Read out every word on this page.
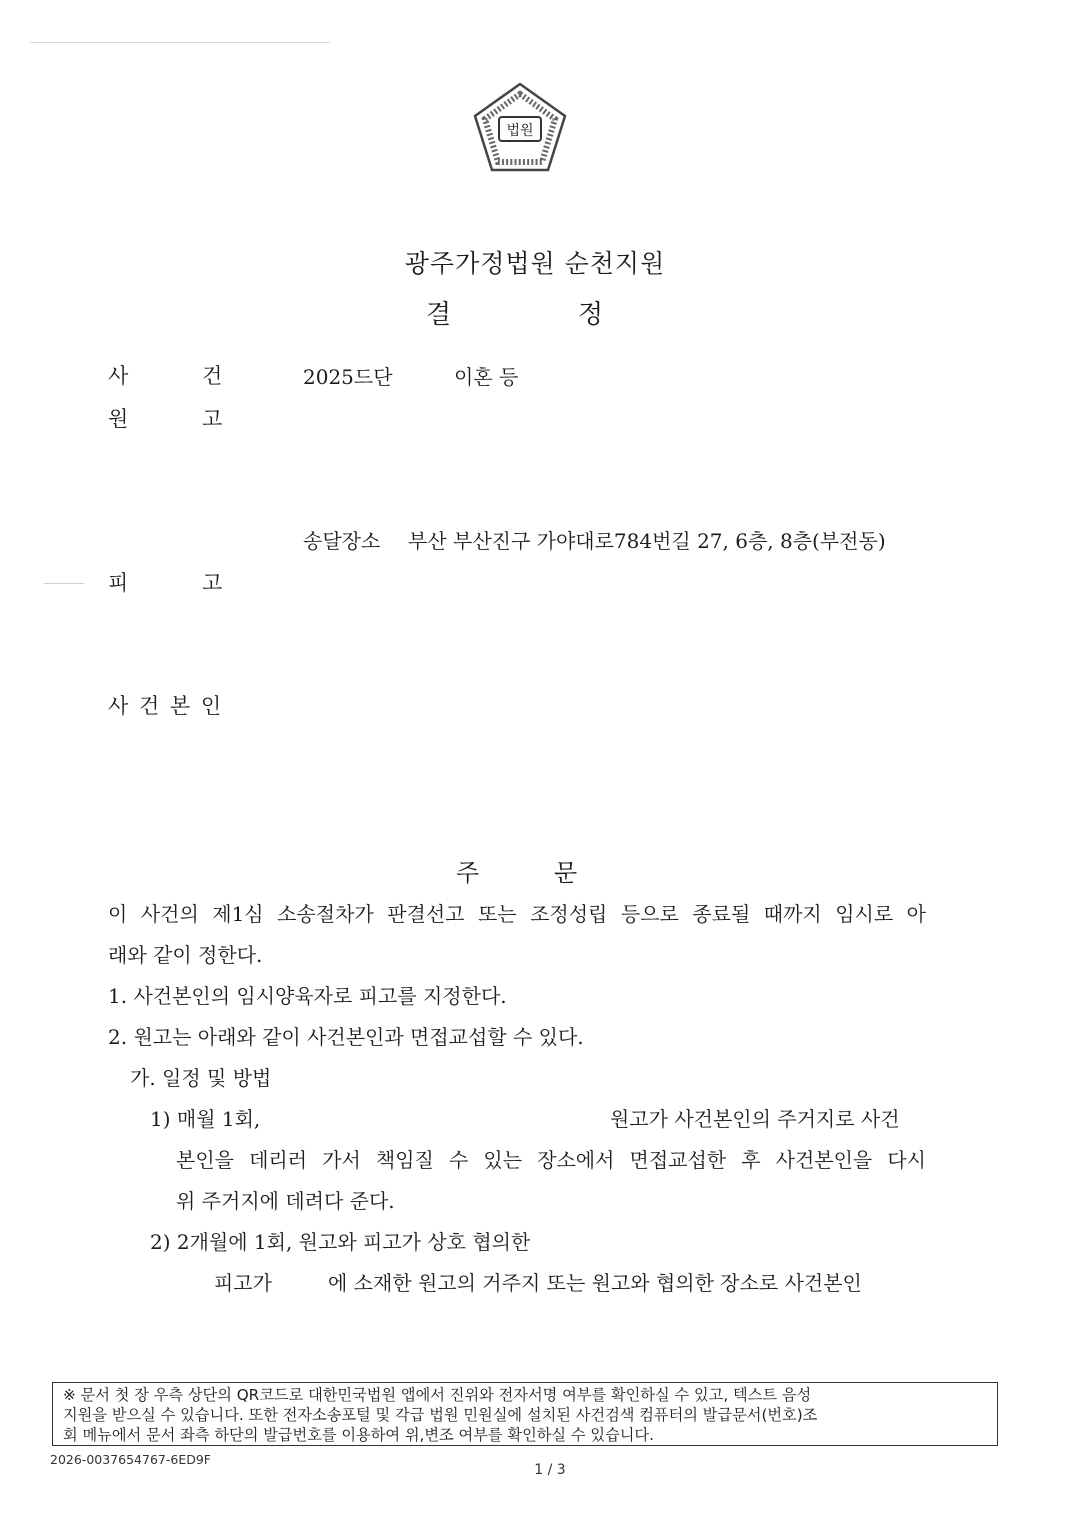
법원
광주가정법원 순천지원
결	정
사	건	2025드단	이혼 등
원	고
송달장소 부산 부산진구 가야대로784번길 27, 6층, 8층(부전동)
피	고
사 건 본 인
주	문
이 사건의 제1심 소송절차가 판결선고 또는 조정성립 등으로 종료될 때까지 임시로 아
래와 같이 정한다.
1. 사건본인의 임시양육자로 피고를 지정한다.
2. 원고는 아래와 같이 사건본인과 면접교섭할 수 있다.
가. 일정 및 방법
1) 매월 1회,	원고가 사건본인의 주거지로 사건
본인을 데리러 가서 책임질 수 있는 장소에서 면접교섭한 후 사건본인을 다시
위 주거지에 데려다 준다.
2) 2개월에 1회, 원고와 피고가 상호 협의한
피고가	에 소재한 원고의 거주지 또는 원고와 협의한 장소로 사건본인
※ 문서 첫 장 우측 상단의 QR코드로 대한민국법원 앱에서 진위와 전자서명 여부를 확인하실 수 있고, 텍스트 음성
지원을 받으실 수 있습니다. 또한 전자소송포털 및 각급 법원 민원실에 설치된 사건검색 컴퓨터의 발급문서(번호)조
회 메뉴에서 문서 좌측 하단의 발급번호를 이용하여 위,변조 여부를 확인하실 수 있습니다.
2026-0037654767-6ED9F
1 / 3
